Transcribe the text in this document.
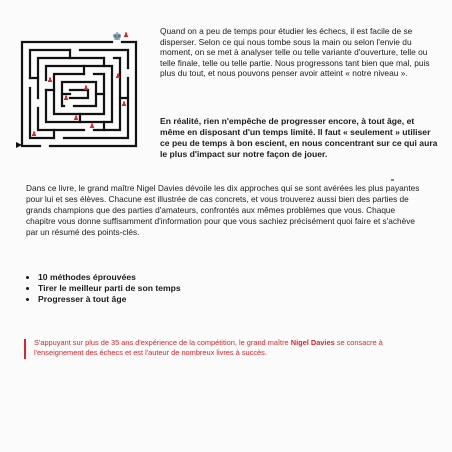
♚ ♟
♟	♟
♟
♟
♟
♟
♟
♟

Quand on a peu de temps pour étudier les échecs, il est facile de se disperser. Selon ce qui nous tombe sous la main ou selon l'envie du moment, on se met à analyser telle ou telle variante d'ouverture, telle ou telle finale, telle ou telle partie. Nous progressons tant bien que mal, puis plus du tout, et nous pouvons penser avoir atteint « notre niveau ».

En réalité, rien n'empêche de progresser encore, à tout âge, et même en disposant d'un temps limité. Il faut « seulement » utiliser ce peu de temps à bon escient, en nous concentrant sur ce qui aura le plus d'impact sur notre façon de jouer.

Dans ce livre, le grand maître Nigel Davies dévoile les dix approches qui se sont avérées les plus payantes pour lui et ses élèves. Chacune est illustrée de cas concrets, et vous trouverez aussi bien des parties de grands champions que des parties d'amateurs, confrontés aux mêmes problèmes que vous. Chaque chapitre vous donne suffisamment d'information pour que vous sachiez précisément quoi faire et s'achève par un résumé des points-clés.

• 10 méthodes éprouvées
• Tirer le meilleur parti de son temps
• Progresser à tout âge

S'appuyant sur plus de 35 ans d'expérience de la compétition, le grand maître Nigel Davies se consacre à l'enseignement des échecs et est l'auteur de nombreux livres à succès.
